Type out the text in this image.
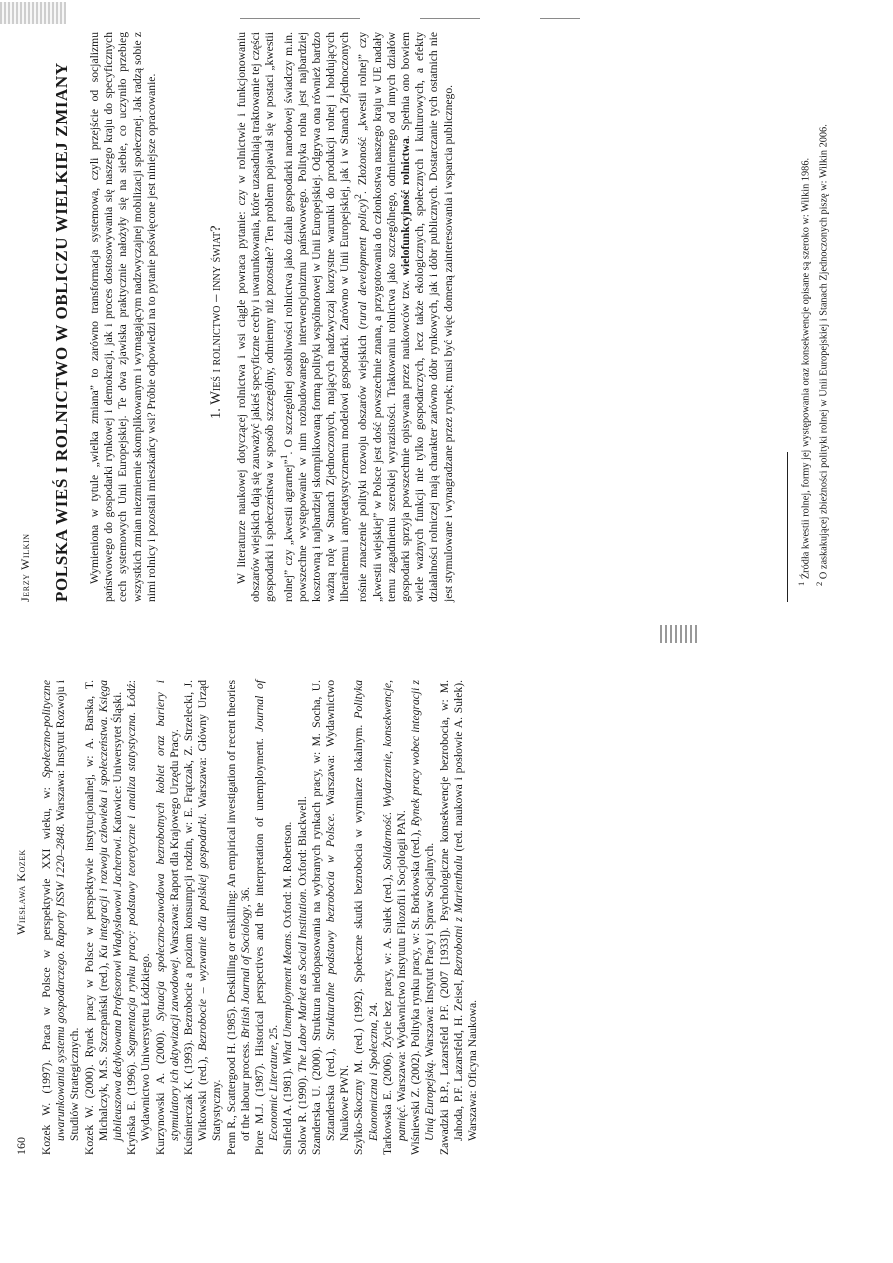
160
Wiesława Kozek Kozek W. (1997). Praca w Polsce w perspektywie XXI wieku, w: Społeczno-polityczne uwarunkowania systemu gospodarczego. Raporty ISSW 1220–2848. Warszawa: Instytut Rozwoju i Studiów Strategicznych. Kozek W. (2000). Rynek pracy w Polsce w perspektywie instytucjonalnej, w: A. Barska, T. Michalczyk, M.S. Szczepański (red.), Ku integracji i rozwoju człowieka i społeczeństwa. Księga jubileuszowa dedykowana Profesorowi Władysławowi Jacherowi. Katowice: Uniwersytet Śląski.

Kryńska E. (1996). Segmentacja rynku pracy: podstawy teoretyczne i analiza statystyczna. Łódź: Wydawnictwo Uniwersytetu Łódzkiego. Kurzynowski A. (2000). Sytuacja społeczno-zawodowa bezrobotnych kobiet oraz bariery i stymulatory ich aktywizacji zawodowej. Warszawa: Raport dla Krajowego Urzędu Pracy. Kuśmierczak K. (1993). Bezrobocie a poziom konsumpcji rodzin, w: E. Frątczak, Z. Strzelecki, J. Witkowski (red.), Bezrobocie – wyzwanie dla polskiej gospodarki. Warszawa: Główny Urząd Statystyczny. Penn R., Scattergood H. (1985). Deskilling or enskilling: An empirical investigation of recent theories of the labour process. British Journal of Sociology, 36. Piore M.J. (1987). Historical perspectives and the interpretation of unemployment. Journal of Economic Literature, 25.

Sinfield A. (1981). What Unemployment Means. Oxford: M. Robertson.

Solow R. (1990). The Labor Market as Social Institution. Oxford: Blackwell. Szanderska U. (2000). Struktura niedopasowania na wybranych rynkach pracy, w: M. Socha, U. Sztanderska (red.), Strukturalne podstawy bezrobocia w Polsce. Warszawa: Wydawnictwo Naukowe PWN. Szylko-Skoczny M. (red.) (1992). Społeczne skutki bezrobocia w wymiarze lokalnym. Polityka Ekonomiczna i Społeczna, 24. Tarkowska E. (2006). Życie bez pracy, w: A. Sułek (red.), Solidarność. Wydarzenie, konsekwencje, pamięć. Warszawa: Wydawnictwo Instytutu Filozofii i Socjologii PAN. Wiśniewski Z. (2002). Polityka rynku pracy, w: St. Borkowska (red.), Rynek pracy wobec integracji z Unią Europejską. Warszawa: Instytut Pracy i Spraw Socjalnych. Zawadzki B.P., Lazarsfeld P.F. (2007 [1933]). Psychologiczne konsekwencje bezrobocia, w: M. Jahoda, P.F. Lazarsfeld, H. Zeisel, Bezrobotni z Marienthalu (red. naukowa i posłowie A. Sułek). Warszawa: Oficyna Naukowa.

Jerzy Wilkin POLSKA WIEŚ I ROLNICTWO W OBLICZU WIELKIEJ ZMIANY Wymieniona w tytule „wielka zmiana” to zarówno transformacja systemowa, czyli przejście od socjalizmu państwowego do gospodarki rynkowej i demokracji, jak i proces dostosowywania się naszego kraju do specyficznych cech systemowych Unii Europejskiej. Te dwa zjawiska praktycznie nałożyły się na siebie, co uczyniło przebieg wszystkich zmian niezmiernie skomplikowanym i wymagającym nadzwyczajnej mobilizacji społecznej. Jak radzą sobie z nimi rolnicy i pozostali mieszkańcy wsi? Próbie odpowiedzi na to pytanie poświęcone jest niniejsze opracowanie.	1. Wieś i rolnictwo – inny świat? W literaturze naukowej dotyczącej rolnictwa i wsi ciągle powraca pytanie: czy w rolnictwie i funkcjonowaniu obszarów wiejskich dają się zauważyć jakieś specyficzne cechy i uwarunkowania, które uzasadniają traktowanie tej części gospodarki i społeczeństwa w sposób szczególny, odmienny niż pozostałe? Ten problem pojawiał się w postaci „kwestii rolnej” czy „kwestii agrarnej”$^1$. O szczególnej osobliwości rolnictwa jako działu gospodarki narodowej świadczy m.in. powszechne występowanie w nim rozbudowanego interwencjonizmu państwowego. Polityka rolna jest najbardziej kosztowną i najbardziej skomplikowaną formą polityki wspólnotowej w Unii Europejskiej. Odgrywa ona również bardzo ważną rolę w Stanach Zjednoczonych, mających nadzwyczaj korzystne warunki do produkcji rolnej i hołdujących liberalnemu i antyetatystycznemu modelowi gospodarki. Zarówno w Unii Europejskiej, jak i w Stanach Zjednoczonych rośnie znaczenie polityki rozwoju obszarów wiejskich (rural development policy)$^2$. Złożoność „kwestii rolnej” czy „kwestii wiejskiej” w Polsce jest dość powszechnie znana, a przygotowania do członkostwa naszego kraju w UE nadały temu zagadnieniu szerokiej wyrazistości. Traktowaniu rolnictwa jako szczególnego, odmiennego od innych działów gospodarki sprzyja powszechnie opisywana przez naukowców tzw. wielofunkcyjność rolnictwa. Spełnia ono bowiem wiele ważnych funkcji nie tylko gospodarczych, lecz także ekologicznych, społecznych i kulturowych, a efekty działalności rolniczej mają charakter zarówno dóbr rynkowych, jak i dóbr publicznych. Dostarczanie tych ostatnich nie jest stymulowane i wynagradzane przez rynek; musi być więc domeną zainteresowania i wsparcia publicznego.	$^1$ Źródła kwestii rolnej, formy jej występowania oraz konsekwencje opisane są szeroko w: Wilkin 1986.

$^2$ O zaskakującej zbieżności polityki rolnej w Unii Europejskiej i Stanach Zjednoczonych piszę w: Wilkin 2006.
